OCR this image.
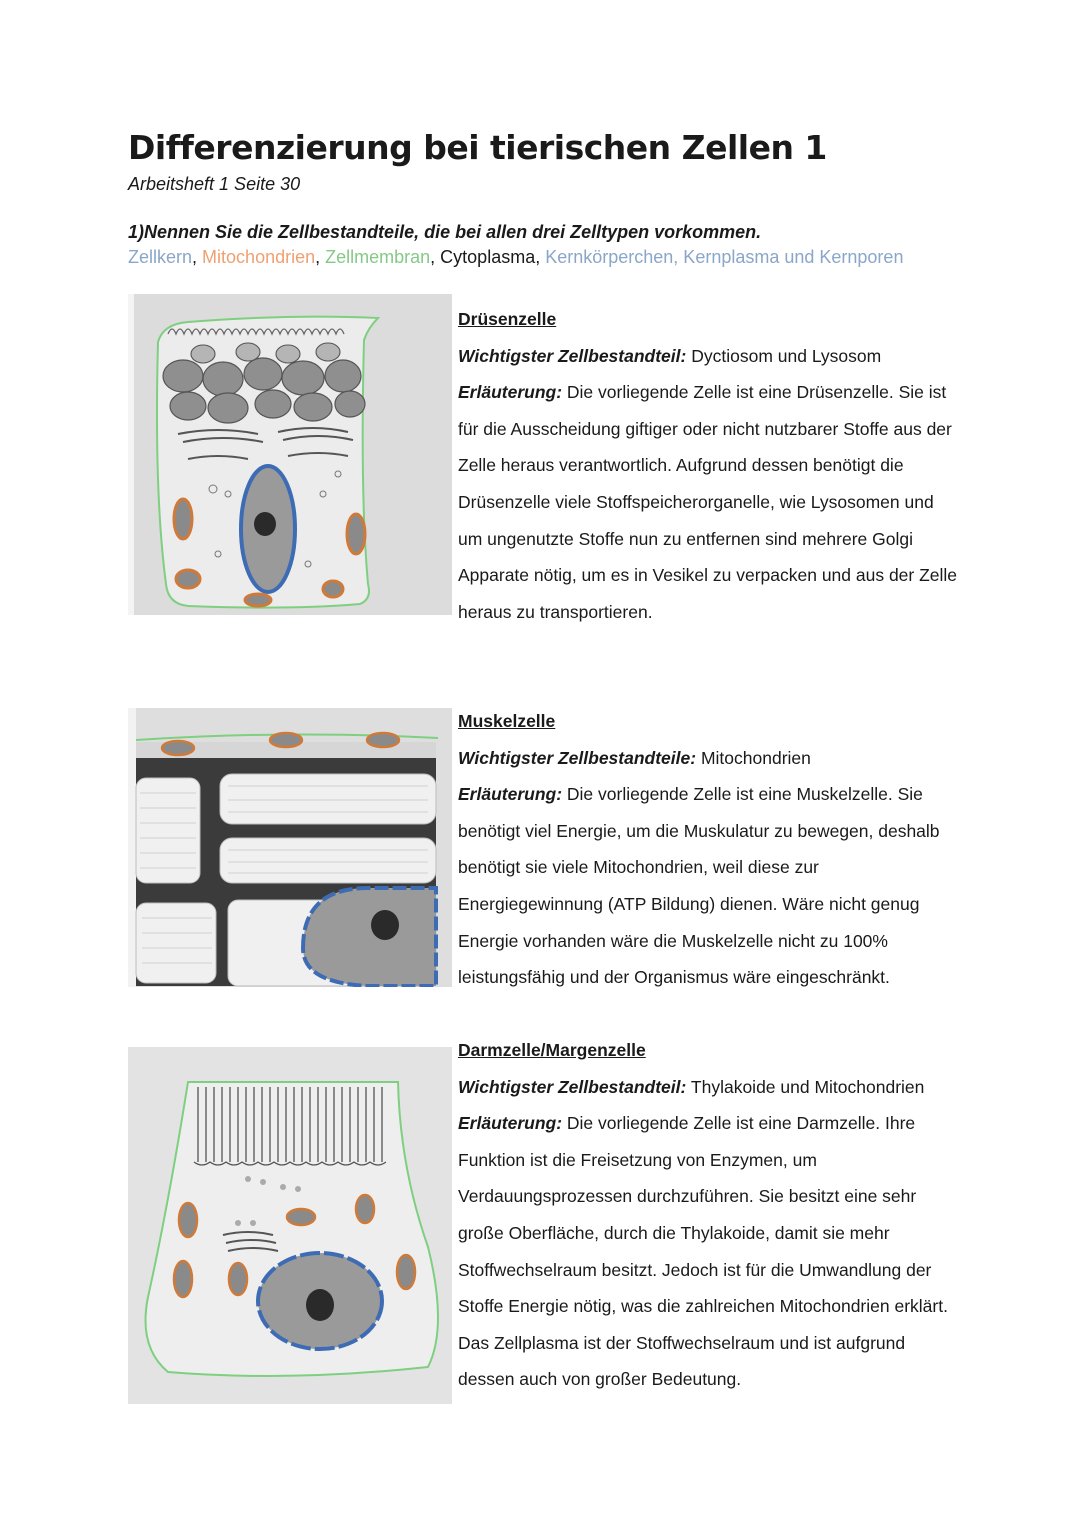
Differenzierung bei tierischen Zellen 1
Arbeitsheft 1 Seite 30
1)Nennen Sie die Zellbestandteile, die bei allen drei Zelltypen vorkommen.
Zellkern, Mitochondrien, Zellmembran, Cytoplasma, Kernkörperchen, Kernplasma und Kernporen

Drüsenzelle

Wichtigster Zellbestandteil: Dyctiosom und Lysosom

Erläuterung: Die vorliegende Zelle ist eine Drüsenzelle. Sie ist für die Ausscheidung giftiger oder nicht nutzbarer Stoffe aus der Zelle heraus verantwortlich. Aufgrund dessen benötigt die Drüsenzelle viele Stoffspeicherorganelle, wie Lysosomen und um ungenutzte Stoffe nun zu entfernen sind mehrere Golgi Apparate nötig, um es in Vesikel zu verpacken und aus der Zelle heraus zu transportieren.

Muskelzelle

Wichtigster Zellbestandteile: Mitochondrien

Erläuterung: Die vorliegende Zelle ist eine Muskelzelle. Sie benötigt viel Energie, um die Muskulatur zu bewegen, deshalb benötigt sie viele Mitochondrien, weil diese zur Energiegewinnung (ATP Bildung) dienen. Wäre nicht genug Energie vorhanden wäre die Muskelzelle nicht zu 100% leistungsfähig und der Organismus wäre eingeschränkt.

Darmzelle/Margenzelle

Wichtigster Zellbestandteil: Thylakoide und Mitochondrien

Erläuterung: Die vorliegende Zelle ist eine Darmzelle. Ihre Funktion ist die Freisetzung von Enzymen, um Verdauungsprozessen durchzuführen. Sie besitzt eine sehr große Oberfläche, durch die Thylakoide, damit sie mehr Stoffwechselraum besitzt. Jedoch ist für die Umwandlung der Stoffe Energie nötig, was die zahlreichen Mitochondrien erklärt. Das Zellplasma ist der Stoffwechselraum und ist aufgrund dessen auch von großer Bedeutung.
